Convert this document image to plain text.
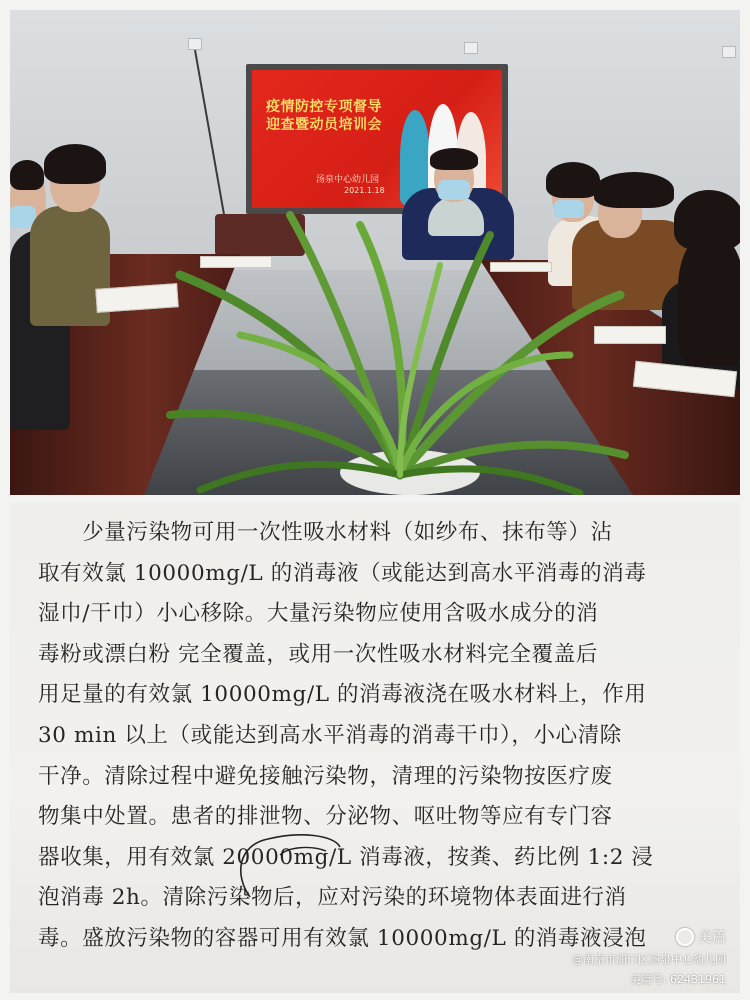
疫情防控专项督导
迎查暨动员培训会
汤泉中心幼儿园
2021.1.18
　　少量污染物可用一次性吸水材料（如纱布、抹布等）沾
取有效氯 10000mg/L 的消毒液（或能达到高水平消毒的消毒
湿巾/干巾）小心移除。大量污染物应使用含吸水成分的消
毒粉或漂白粉 完全覆盖，或用一次性吸水材料完全覆盖后
用足量的有效氯 10000mg/L 的消毒液浇在吸水材料上，作用
30 min 以上（或能达到高水平消毒的消毒干巾），小心清除
干净。清除过程中避免接触污染物，清理的污染物按医疗废
物集中处置。患者的排泄物、分泌物、呕吐物等应有专门容
器收集，用有效氯 20000mg/L 消毒液，按粪、药比例 1:2 浸
泡消毒 2h。清除污染物后，应对污染的环境物体表面进行消
毒。盛放污染物的容器可用有效氯 10000mg/L 的消毒液浸泡	美篇
@南京市浦口区汤泉中心幼儿园
美篇号: 62431961
